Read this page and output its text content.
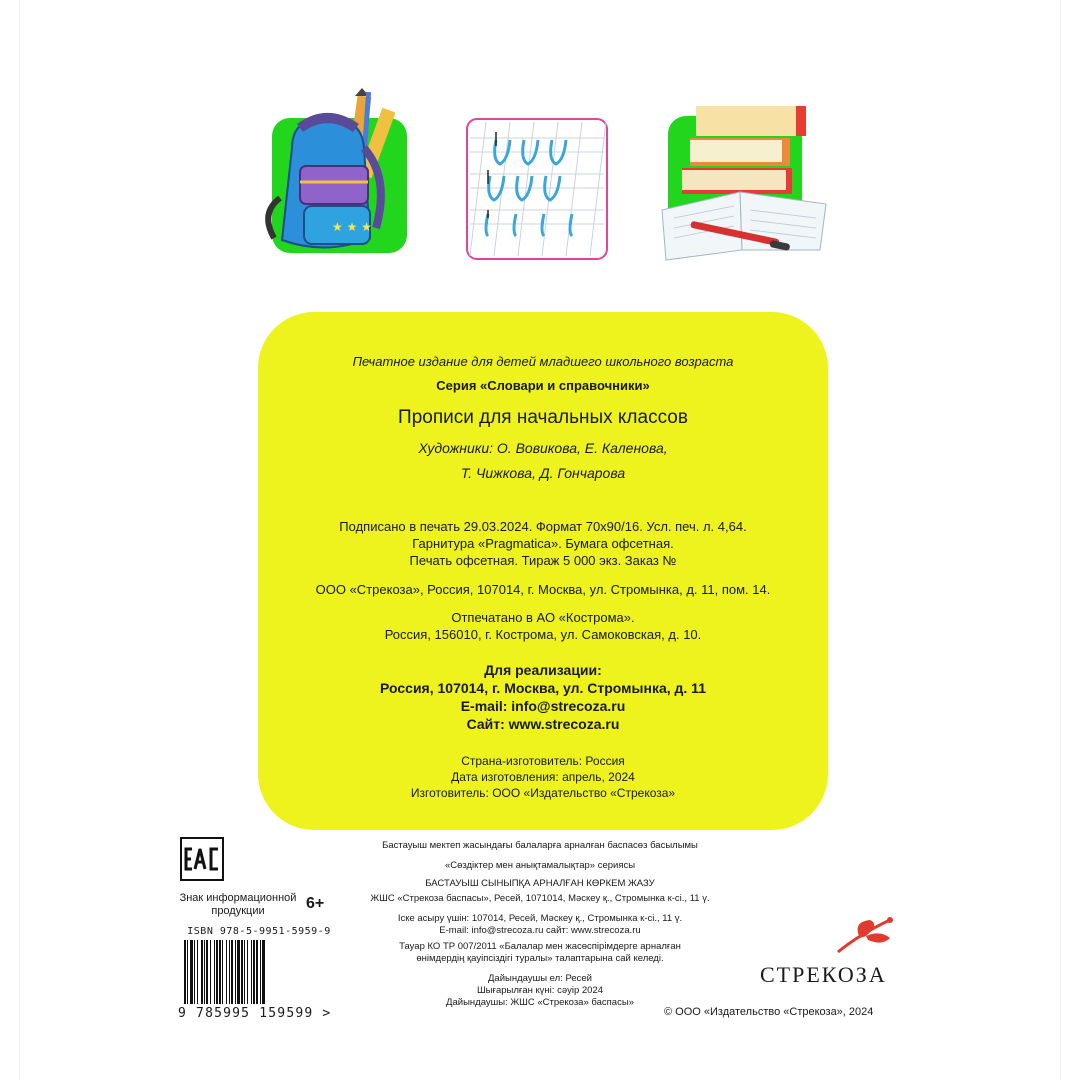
★ ★ ★
Печатное издание для детей младшего школьного возраста
Серия «Словари и справочники»
Прописи для начальных классов
Художники: О. Вовикова, Е. Каленова,
Т. Чижкова, Д. Гончарова
Подписано в печать 29.03.2024. Формат 70x90/16. Усл. печ. л. 4,64.
Гарнитура «Pragmatica». Бумага офсетная.
Печать офсетная. Тираж 5 000 экз. Заказ №
ООО «Стрекоза», Россия, 107014, г. Москва, ул. Стромынка, д. 11, пом. 14.
Отпечатано в АО «Кострома».
Россия, 156010, г. Кострома, ул. Самоковская, д. 10.
Для реализации:
Россия, 107014, г. Москва, ул. Стромынка, д. 11
E-mail: info@strecoza.ru
Сайт: www.strecoza.ru
Страна-изготовитель: Россия
Дата изготовления: апрель, 2024
Изготовитель: ООО «Издательство «Стрекоза»
Знак информационной продукции	6+
ISBN 978-5-9951-5959-9
9 785995 159599 >
Бастауыш мектеп жасындағы балаларға арналған баспасөз басылымы
«Сөздіктер мен анықтамалықтар» сериясы
БАСТАУЫШ СЫНЫПҚА АРНАЛҒАН КӨРКЕМ ЖАЗУ
ЖШС «Стрекоза баспасы», Ресей, 1071014, Мәскеу қ., Стромынка к-сі., 11 ү.
Іске асыру үшін: 107014, Ресей, Мәскеу қ., Стромынка к-сі., 11 ү.
E-mail: info@strecoza.ru сайт: www.strecoza.ru
Тауар КО ТР 007/2011 «Балалар мен жасөспірімдерге арналған
өнімдердің қауіпсіздігі туралы» талаптарына сай келеді.
Дайындаушы ел: Ресей
Шығарылған күні: сәуір 2024
Дайындаушы: ЖШС «Стрекоза» баспасы»
СТРЕКОЗА
© ООО «Издательство «Стрекоза», 2024
